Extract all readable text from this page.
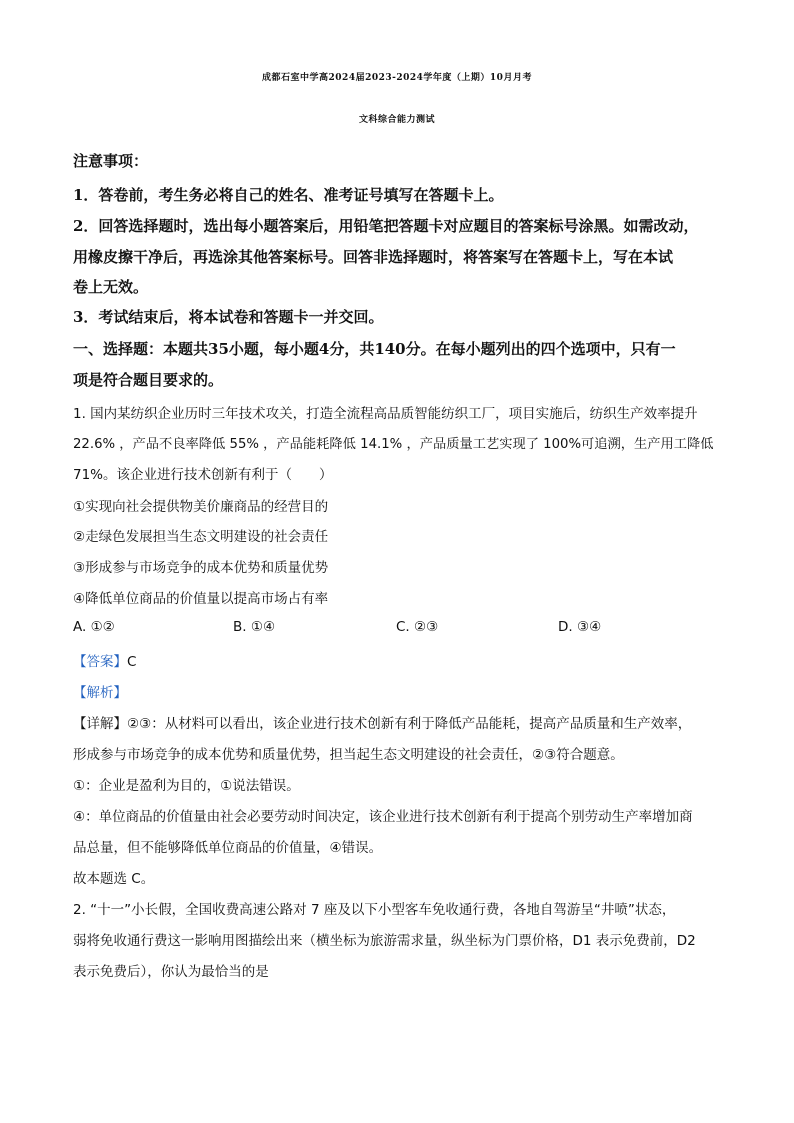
成都石室中学高2024届2023-2024学年度（上期）10月月考
文科综合能力测试
注意事项：
1．答卷前，考生务必将自己的姓名、准考证号填写在答题卡上。
2．回答选择题时，选出每小题答案后，用铅笔把答题卡对应题目的答案标号涂黑。如需改动，
用橡皮擦干净后，再选涂其他答案标号。回答非选择题时，将答案写在答题卡上，写在本试
卷上无效。
3．考试结束后，将本试卷和答题卡一并交回。
一、选择题：本题共35小题，每小题4分，共140分。在每小题列出的四个选项中，只有一
项是符合题目要求的。
1. 国内某纺织企业历时三年技术攻关，打造全流程高品质智能纺织工厂，项目实施后，纺织生产效率提升
22.6% ，产品不良率降低 55% ，产品能耗降低 14.1% ，产品质量工艺实现了 100%可追溯，生产用工降低
71%。该企业进行技术创新有利于（　　）
①实现向社会提供物美价廉商品的经营目的
②走绿色发展担当生态文明建设的社会责任
③形成参与市场竞争的成本优势和质量优势
④降低单位商品的价值量以提高市场占有率
A. ①②	B. ①④	C. ②③	D. ③④
【答案】C
【解析】
【详解】②③：从材料可以看出，该企业进行技术创新有利于降低产品能耗，提高产品质量和生产效率，
形成参与市场竞争的成本优势和质量优势，担当起生态文明建设的社会责任，②③符合题意。
①：企业是盈利为目的，①说法错误。
④：单位商品的价值量由社会必要劳动时间决定，该企业进行技术创新有利于提高个别劳动生产率增加商
品总量，但不能够降低单位商品的价值量，④错误。
故本题选 C。
2. “十一”小长假，全国收费高速公路对 7 座及以下小型客车免收通行费，各地自驾游呈“井喷”状态，
弱将免收通行费这一影响用图描绘出来（横坐标为旅游需求量，纵坐标为门票价格，D1 表示免费前，D2
表示免费后），你认为最恰当的是
